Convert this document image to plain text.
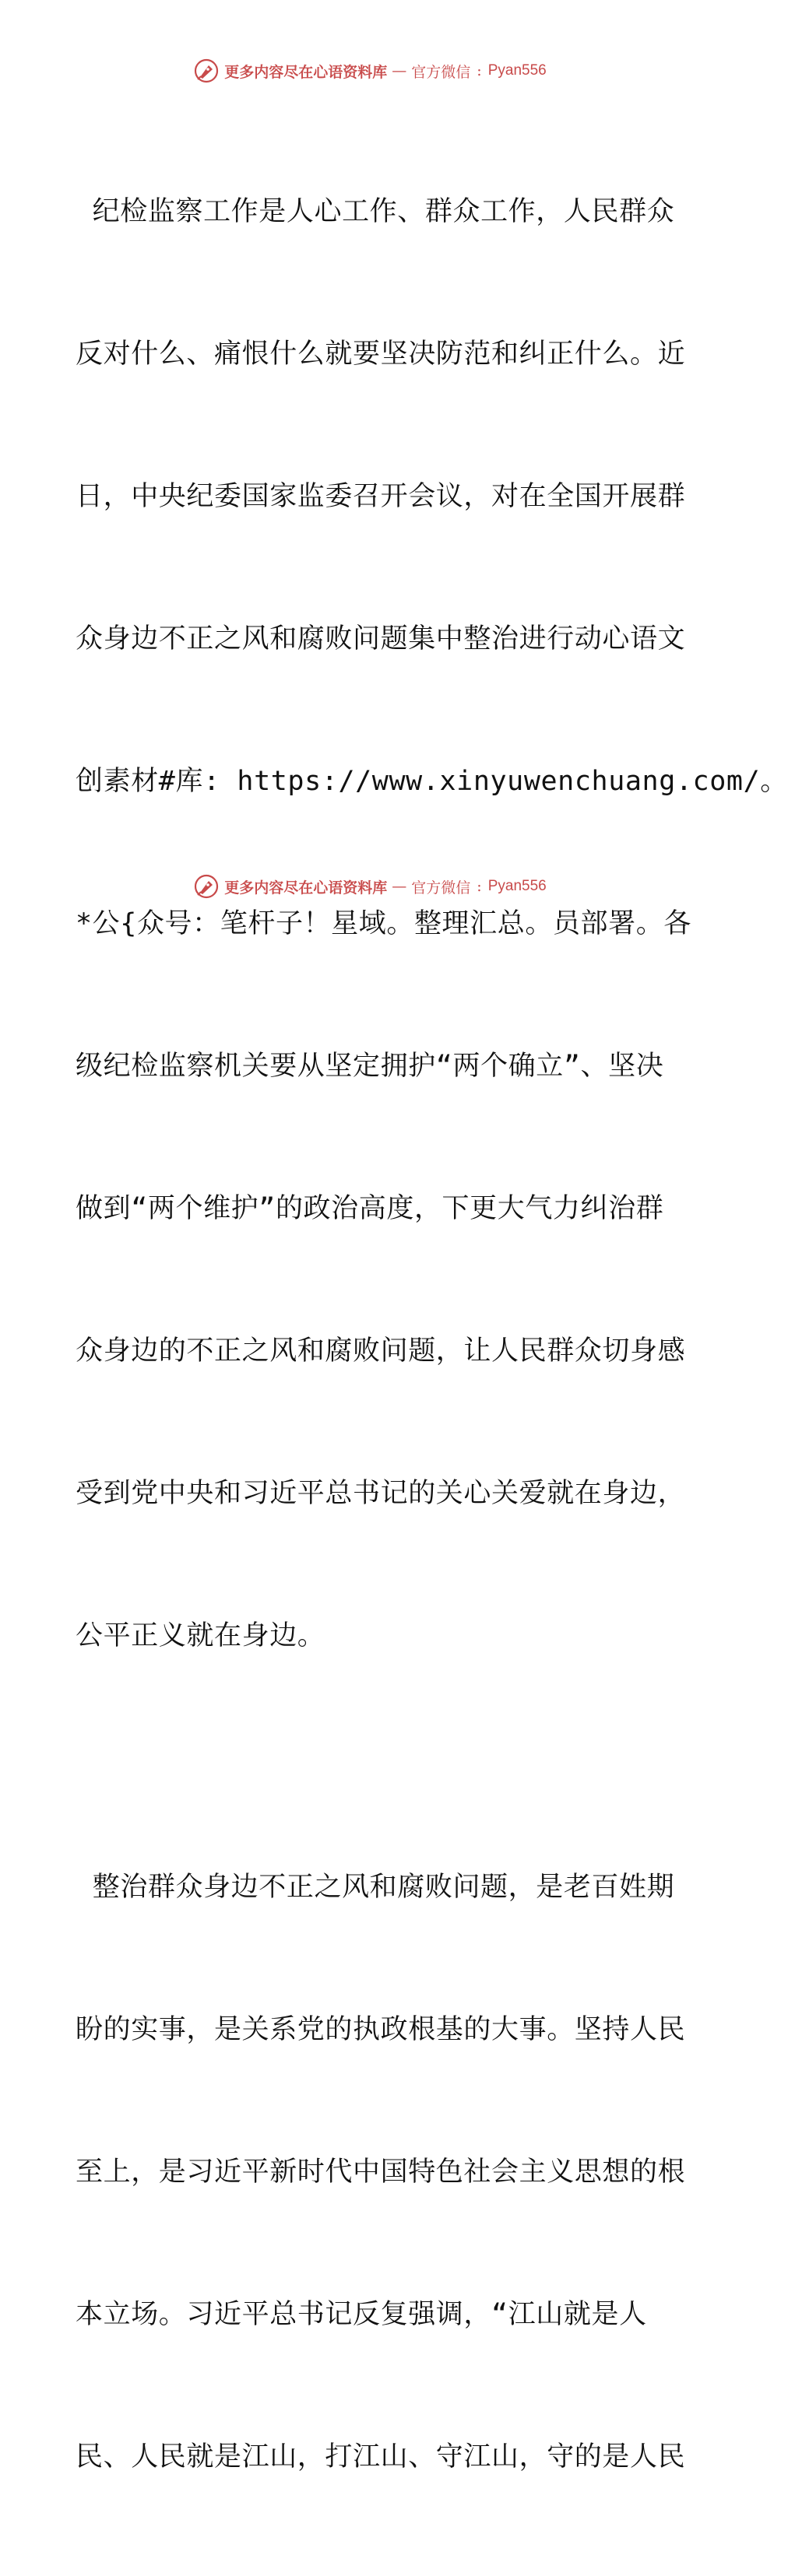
更多内容尽在心语资料库 — 官方微信 : Pyan556

纪检监察工作是人心工作、群众工作，人民群众

反对什么、痛恨什么就要坚决防范和纠正什么。近

日，中央纪委国家监委召开会议，对在全国开展群

众身边不正之风和腐败问题集中整治进行动心语文

创素材#库: https://www.xinyuwenchuang.com/。

*公{众号：笔杆子！星域。整理汇总。员部署。各

级纪检监察机关要从坚定拥护“两个确立”、坚决

做到“两个维护”的政治高度，下更大气力纠治群

众身边的不正之风和腐败问题，让人民群众切身感

受到党中央和习近平总书记的关心关爱就在身边，

公平正义就在身边。

整治群众身边不正之风和腐败问题，是老百姓期

盼的实事，是关系党的执政根基的大事。坚持人民

至上，是习近平新时代中国特色社会主义思想的根

本立场。习近平总书记反复强调，“江山就是人

民、人民就是江山，打江山、守江山，守的是人民

更多内容尽在心语资料库 — 官方微信 : Pyan556
